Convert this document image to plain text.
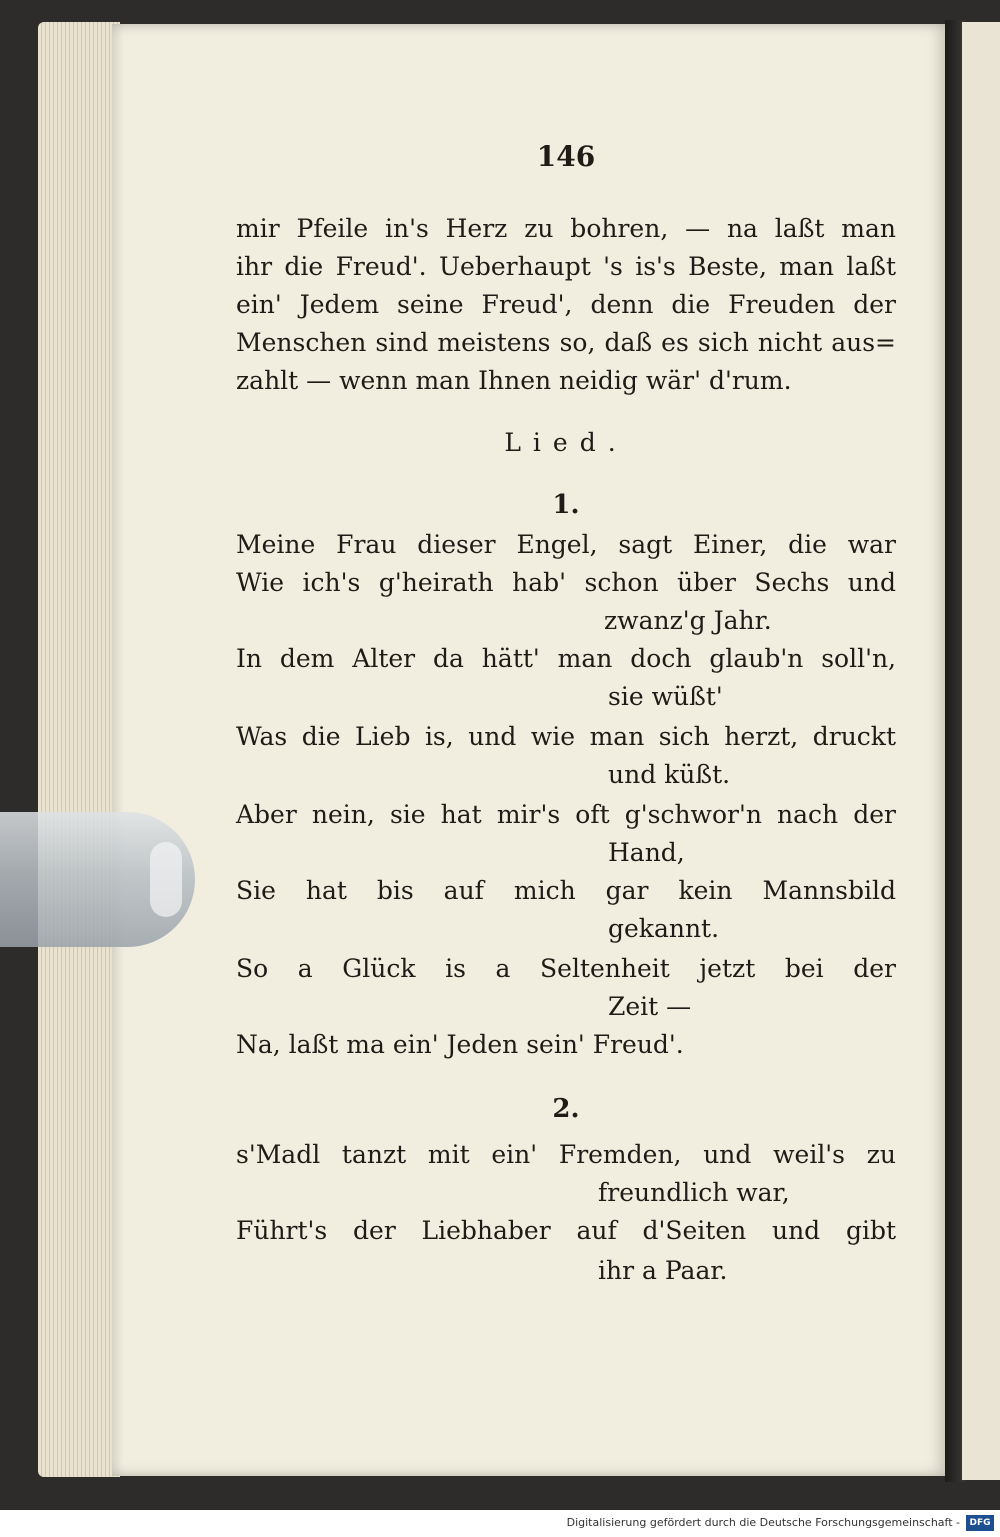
146
mir Pfeile in's Herz zu bohren, — na laßt man
ihr die Freud'. Ueberhaupt 's is's Beste, man laßt
ein' Jedem seine Freud', denn die Freuden der
Menschen sind meistens so, daß es sich nicht aus=
zahlt — wenn man Ihnen neidig wär' d'rum.
Lied.
1.
Meine Frau dieser Engel, sagt Einer, die war
Wie ich's g'heirath hab' schon über Sechs und
zwanz'g Jahr.
In dem Alter da hätt' man doch glaub'n soll'n,
sie wüßt'
Was die Lieb is, und wie man sich herzt, druckt
und küßt.
Aber nein, sie hat mir's oft g'schwor'n nach der
Hand,
Sie hat bis auf mich gar kein Mannsbild
gekannt.
So a Glück is a Seltenheit jetzt bei der
Zeit —
Na, laßt ma ein' Jeden sein' Freud'.
2.
s'Madl tanzt mit ein' Fremden, und weil's zu
freundlich war,
Führt's der Liebhaber auf d'Seiten und gibt
ihr a Paar.
Digitalisierung gefördert durch die Deutsche Forschungsgemeinschaft -	DFG
